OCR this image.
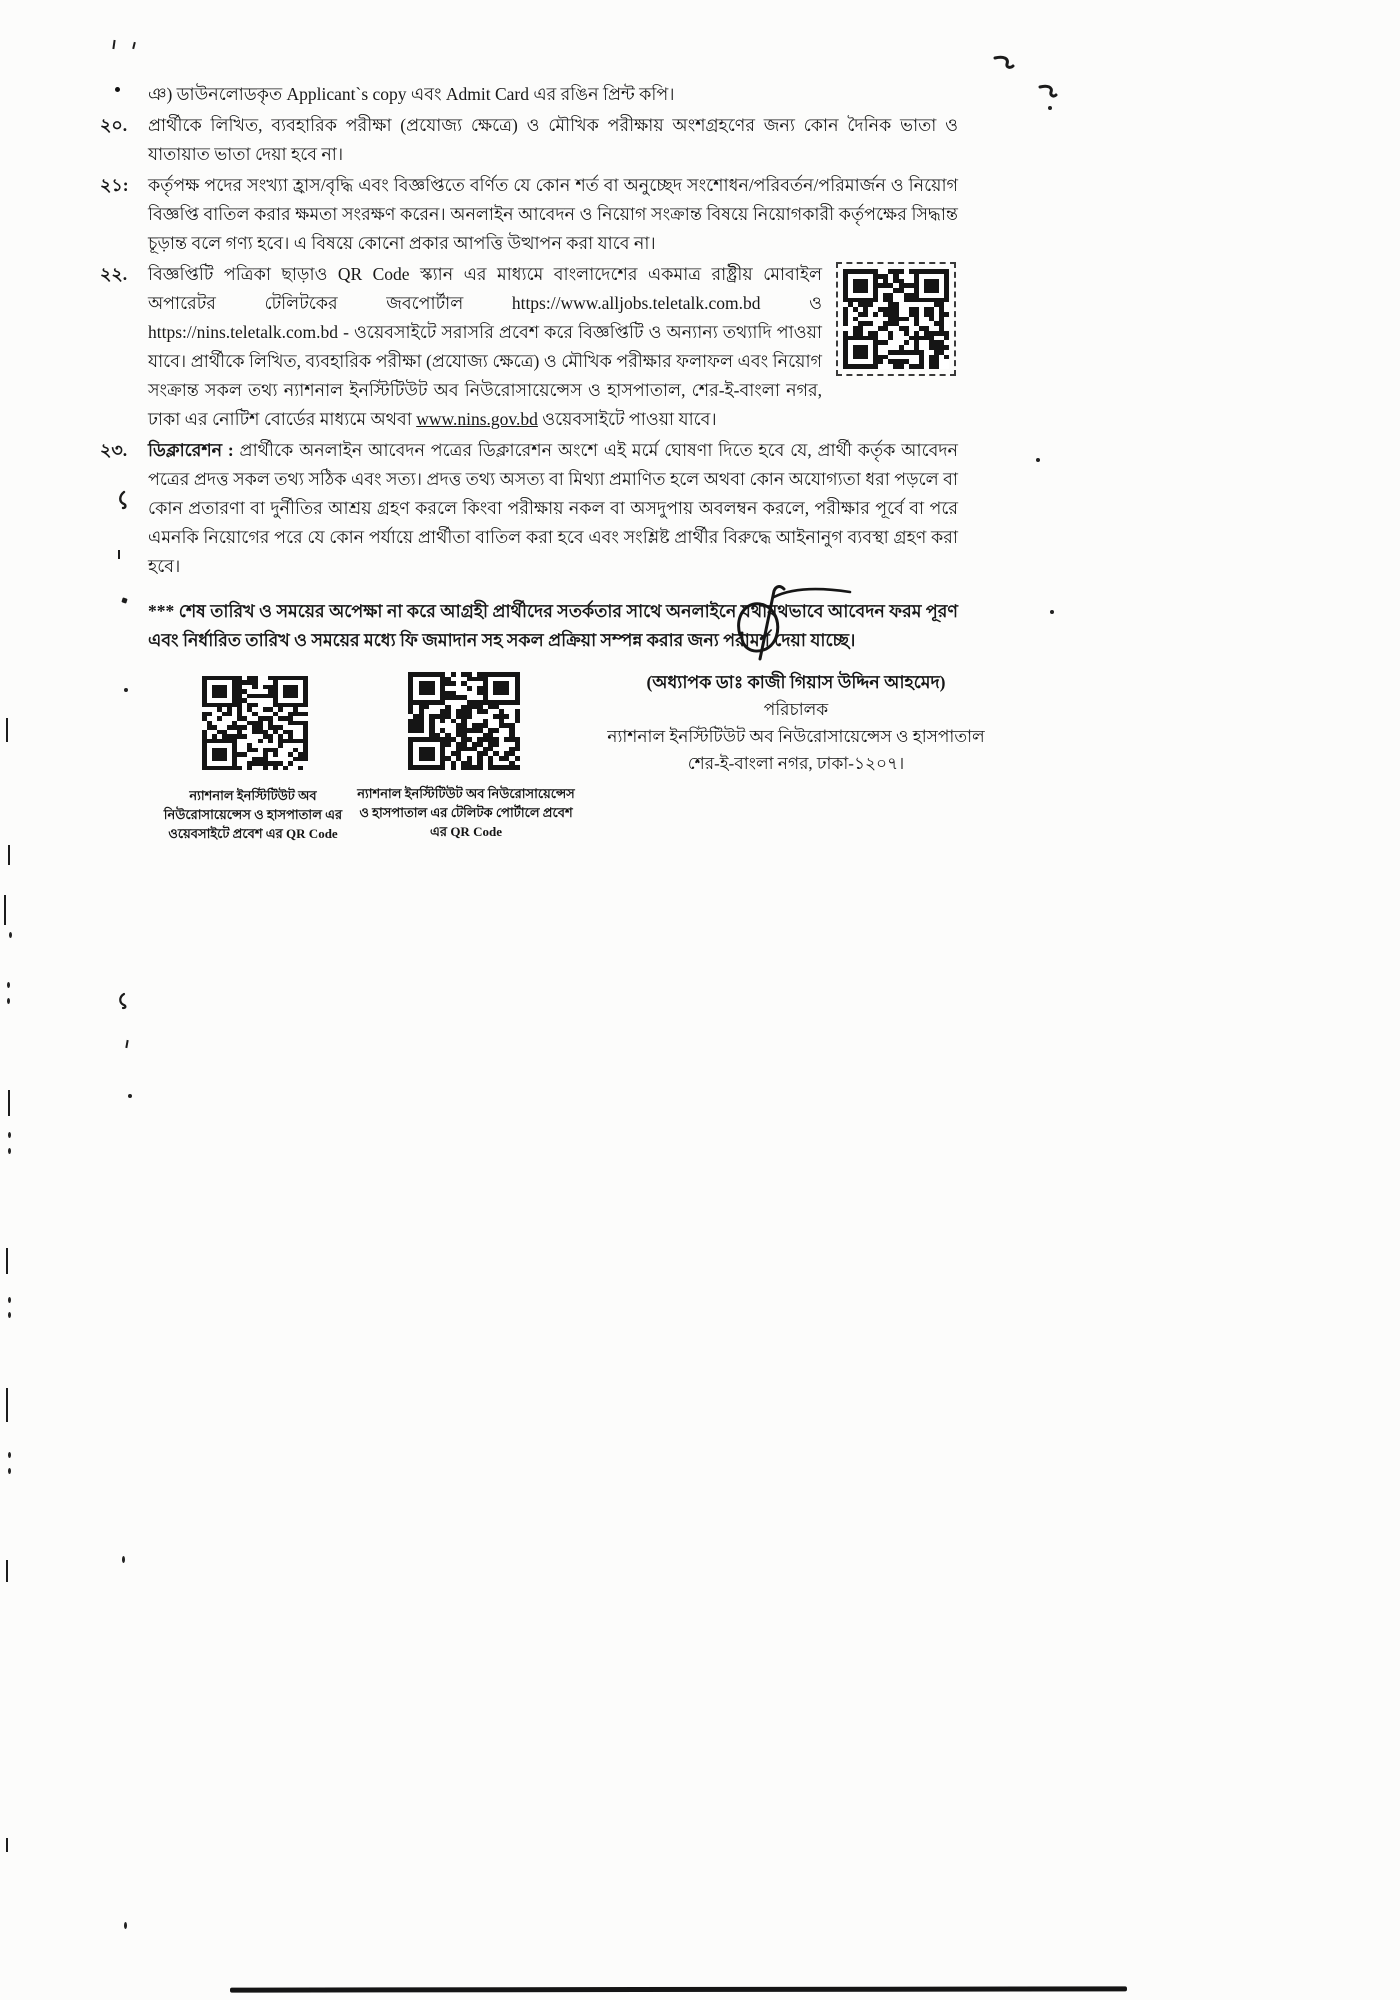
ঞ) ডাউনলোডকৃত Applicant`s copy এবং Admit Card এর রঙিন প্রিন্ট কপি।

২০.	প্রার্থীকে লিখিত, ব্যবহারিক পরীক্ষা (প্রযোজ্য ক্ষেত্রে) ও মৌখিক পরীক্ষায় অংশগ্রহণের জন্য কোন দৈনিক ভাতা ও যাতায়াত ভাতা দেয়া হবে না।

২১:	কর্তৃপক্ষ পদের সংখ্যা হ্রাস/বৃদ্ধি এবং বিজ্ঞপ্তিতে বর্ণিত যে কোন শর্ত বা অনুচ্ছেদ সংশোধন/পরিবর্তন/পরিমার্জন ও নিয়োগ বিজ্ঞপ্তি বাতিল করার ক্ষমতা সংরক্ষণ করেন। অনলাইন আবেদন ও নিয়োগ সংক্রান্ত বিষয়ে নিয়োগকারী কর্তৃপক্ষের সিদ্ধান্ত চূড়ান্ত বলে গণ্য হবে। এ বিষয়ে কোনো প্রকার আপত্তি উত্থাপন করা যাবে না।

২২.	বিজ্ঞপ্তিটি পত্রিকা ছাড়াও QR Code স্ক্যান এর মাধ্যমে বাংলাদেশের একমাত্র রাষ্ট্রীয় মোবাইল অপারেটর টেলিটকের জবপোর্টাল https://www.alljobs.teletalk.com.bd ও https://nins.teletalk.com.bd - ওয়েবসাইটে সরাসরি প্রবেশ করে বিজ্ঞপ্তিটি ও অন্যান্য তথ্যাদি পাওয়া যাবে। প্রার্থীকে লিখিত, ব্যবহারিক পরীক্ষা (প্রযোজ্য ক্ষেত্রে) ও মৌখিক পরীক্ষার ফলাফল এবং নিয়োগ সংক্রান্ত সকল তথ্য ন্যাশনাল ইনস্টিটিউট অব নিউরোসায়েন্সেস ও হাসপাতাল, শের-ই-বাংলা নগর, ঢাকা এর নোটিশ বোর্ডের মাধ্যমে অথবা www.nins.gov.bd ওয়েবসাইটে পাওয়া যাবে।

২৩.	ডিক্লারেশন : প্রার্থীকে অনলাইন আবেদন পত্রের ডিক্লারেশন অংশে এই মর্মে ঘোষণা দিতে হবে যে, প্রার্থী কর্তৃক আবেদন পত্রের প্রদত্ত সকল তথ্য সঠিক এবং সত্য। প্রদত্ত তথ্য অসত্য বা মিথ্যা প্রমাণিত হলে অথবা কোন অযোগ্যতা ধরা পড়লে বা কোন প্রতারণা বা দুর্নীতির আশ্রয় গ্রহণ করলে কিংবা পরীক্ষায় নকল বা অসদুপায় অবলম্বন করলে, পরীক্ষার পূর্বে বা পরে এমনকি নিয়োগের পরে যে কোন পর্যায়ে প্রার্থীতা বাতিল করা হবে এবং সংশ্লিষ্ট প্রার্থীর বিরুদ্ধে আইনানুগ ব্যবস্থা গ্রহণ করা হবে।

*** শেষ তারিখ ও সময়ের অপেক্ষা না করে আগ্রহী প্রার্থীদের সতর্কতার সাথে অনলাইনে যথাযথভাবে আবেদন ফরম পূরণ এবং নির্ধারিত তারিখ ও সময়ের মধ্যে ফি জমাদান সহ সকল প্রক্রিয়া সম্পন্ন করার জন্য পরামর্শ দেয়া যাচ্ছে।

(অধ্যাপক ডাঃ কাজী গিয়াস উদ্দিন আহমেদ)
পরিচালক
ন্যাশনাল ইনস্টিটিউট অব নিউরোসায়েন্সেস ও হাসপাতাল
শের-ই-বাংলা নগর, ঢাকা-১২০৭।
ন্যাশনাল ইনস্টিটিউট অব
নিউরোসায়েন্সেস ও হাসপাতাল এর
ওয়েবসাইটে প্রবেশ এর QR Code
ন্যাশনাল ইনস্টিটিউট অব নিউরোসায়েন্সেস
ও হাসপাতাল এর টেলিটক পোর্টালে প্রবেশ
এর QR Code
